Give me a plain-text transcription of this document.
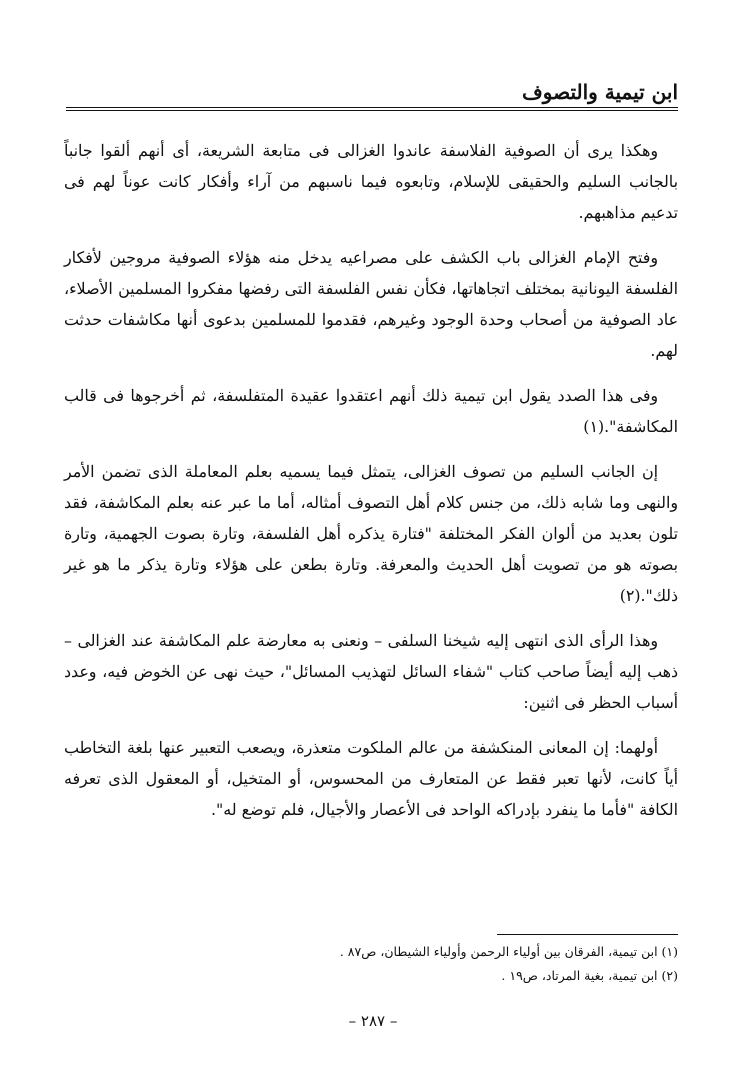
ابن تيمية والتصوف

وهكذا يرى أن الصوفية الفلاسفة عاندوا الغزالى فى متابعة الشريعة، أى أنهم ألقوا جانباً بالجانب السليم والحقيقى للإسلام، وتابعوه فيما ناسبهم من آراء وأفكار كانت عوناً لهم فى تدعيم مذاهبهم.

وفتح الإمام الغزالى باب الكشف على مصراعيه يدخل منه هؤلاء الصوفية مروجين لأفكار الفلسفة اليونانية بمختلف اتجاهاتها، فكأن نفس الفلسفة التى رفضها مفكروا المسلمين الأصلاء، عاد الصوفية من أصحاب وحدة الوجود وغيرهم، فقدموا للمسلمين بدعوى أنها مكاشفات حدثت لهم.

وفى هذا الصدد يقول ابن تيمية ذلك أنهم اعتقدوا عقيدة المتفلسفة، ثم أخرجوها فى قالب المكاشفة".(١)

إن الجانب السليم من تصوف الغزالى، يتمثل فيما يسميه بعلم المعاملة الذى تضمن الأمر والنهى وما شابه ذلك، من جنس كلام أهل التصوف أمثاله، أما ما عبر عنه بعلم المكاشفة، فقد تلون بعديد من ألوان الفكر المختلفة "فتارة يذكره أهل الفلسفة، وتارة بصوت الجهمية، وتارة بصوته هو من تصويت أهل الحديث والمعرفة. وتارة بطعن على هؤلاء وتارة يذكر ما هو غير ذلك".(٢)

وهذا الرأى الذى انتهى إليه شيخنا السلفى – ونعنى به معارضة علم المكاشفة عند الغزالى – ذهب إليه أيضاً صاحب كتاب "شفاء السائل لتهذيب المسائل"، حيث نهى عن الخوض فيه، وعدد أسباب الحظر فى اثنين:

أولهما: إن المعانى المنكشفة من عالم الملكوت متعذرة، ويصعب التعبير عنها بلغة التخاطب أياً كانت، لأنها تعبر فقط عن المتعارف من المحسوس، أو المتخيل، أو المعقول الذى تعرفه الكافة "فأما ما ينفرد بإدراكه الواحد فى الأعصار والأجيال، فلم توضع له".

(١) ابن تيمية، الفرقان بين أولياء الرحمن وأولياء الشيطان، ص٨٧ .

(٢) ابن تيمية، بغية المرتاد، ص١٩ .

– ٢٨٧ –
